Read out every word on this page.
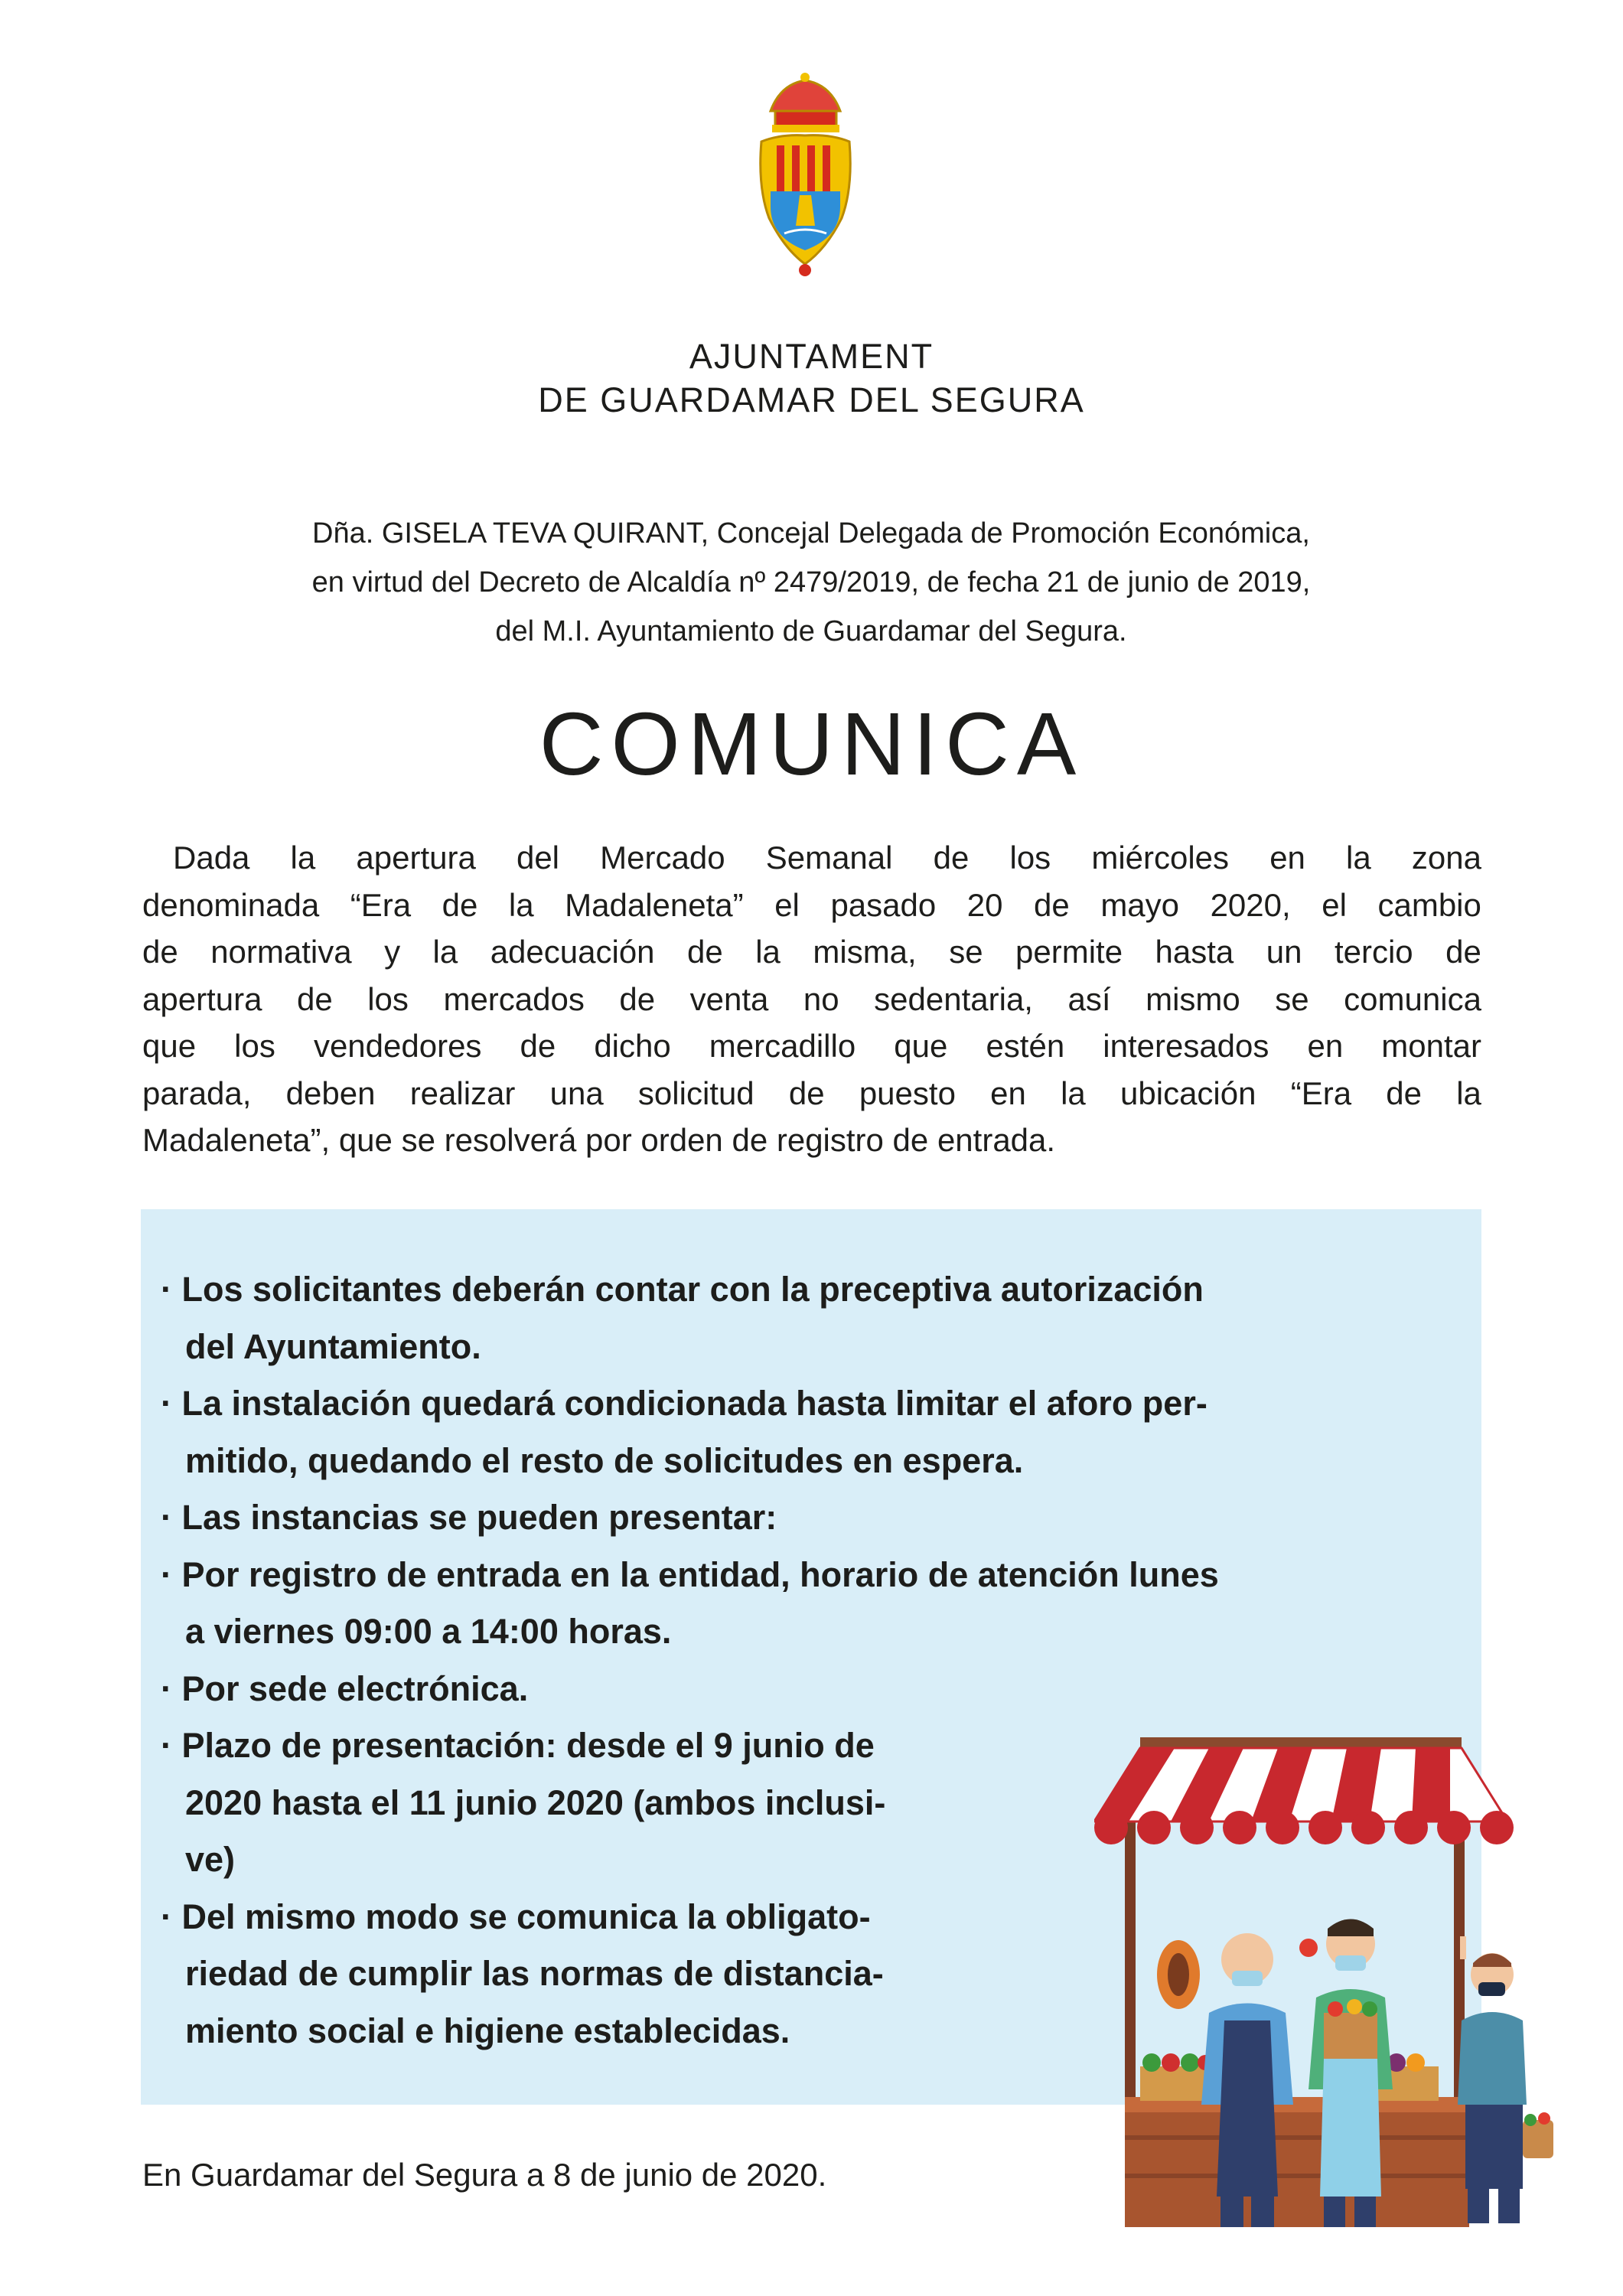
AJUNTAMENT
DE GUARDAMAR DEL SEGURA
Dña. GISELA TEVA QUIRANT, Concejal Delegada de Promoción Económica,
en virtud del Decreto de Alcaldía nº 2479/2019, de fecha 21 de junio de 2019,
del M.I. Ayuntamiento de Guardamar del Segura.
COMUNICA
Dada la apertura del Mercado Semanal de los miércoles en la zona
denominada “Era de la Madaleneta” el pasado 20 de mayo 2020, el cambio
de normativa y la adecuación de la misma, se permite hasta un tercio de
apertura de los mercados de venta no sedentaria, así mismo se comunica
que los vendedores de dicho mercadillo que estén interesados en montar
parada, deben realizar una solicitud de puesto en la ubicación “Era de la
Madaleneta”, que se resolverá por orden de registro de entrada.
· Los solicitantes deberán contar con la preceptiva autorización
del Ayuntamiento.
· La instalación quedará condicionada hasta limitar el aforo per-
mitido, quedando el resto de solicitudes en espera.
· Las instancias se pueden presentar:
· Por registro de entrada en la entidad, horario de atención lunes
a viernes 09:00 a 14:00 horas.
· Por sede electrónica.
· Plazo de presentación: desde el 9 junio de
2020 hasta el 11 junio 2020 (ambos inclusi-
ve)
· Del mismo modo se comunica la obligato-
riedad de cumplir las normas de distancia-
miento social e higiene establecidas.
En Guardamar del Segura a 8 de junio de 2020.
